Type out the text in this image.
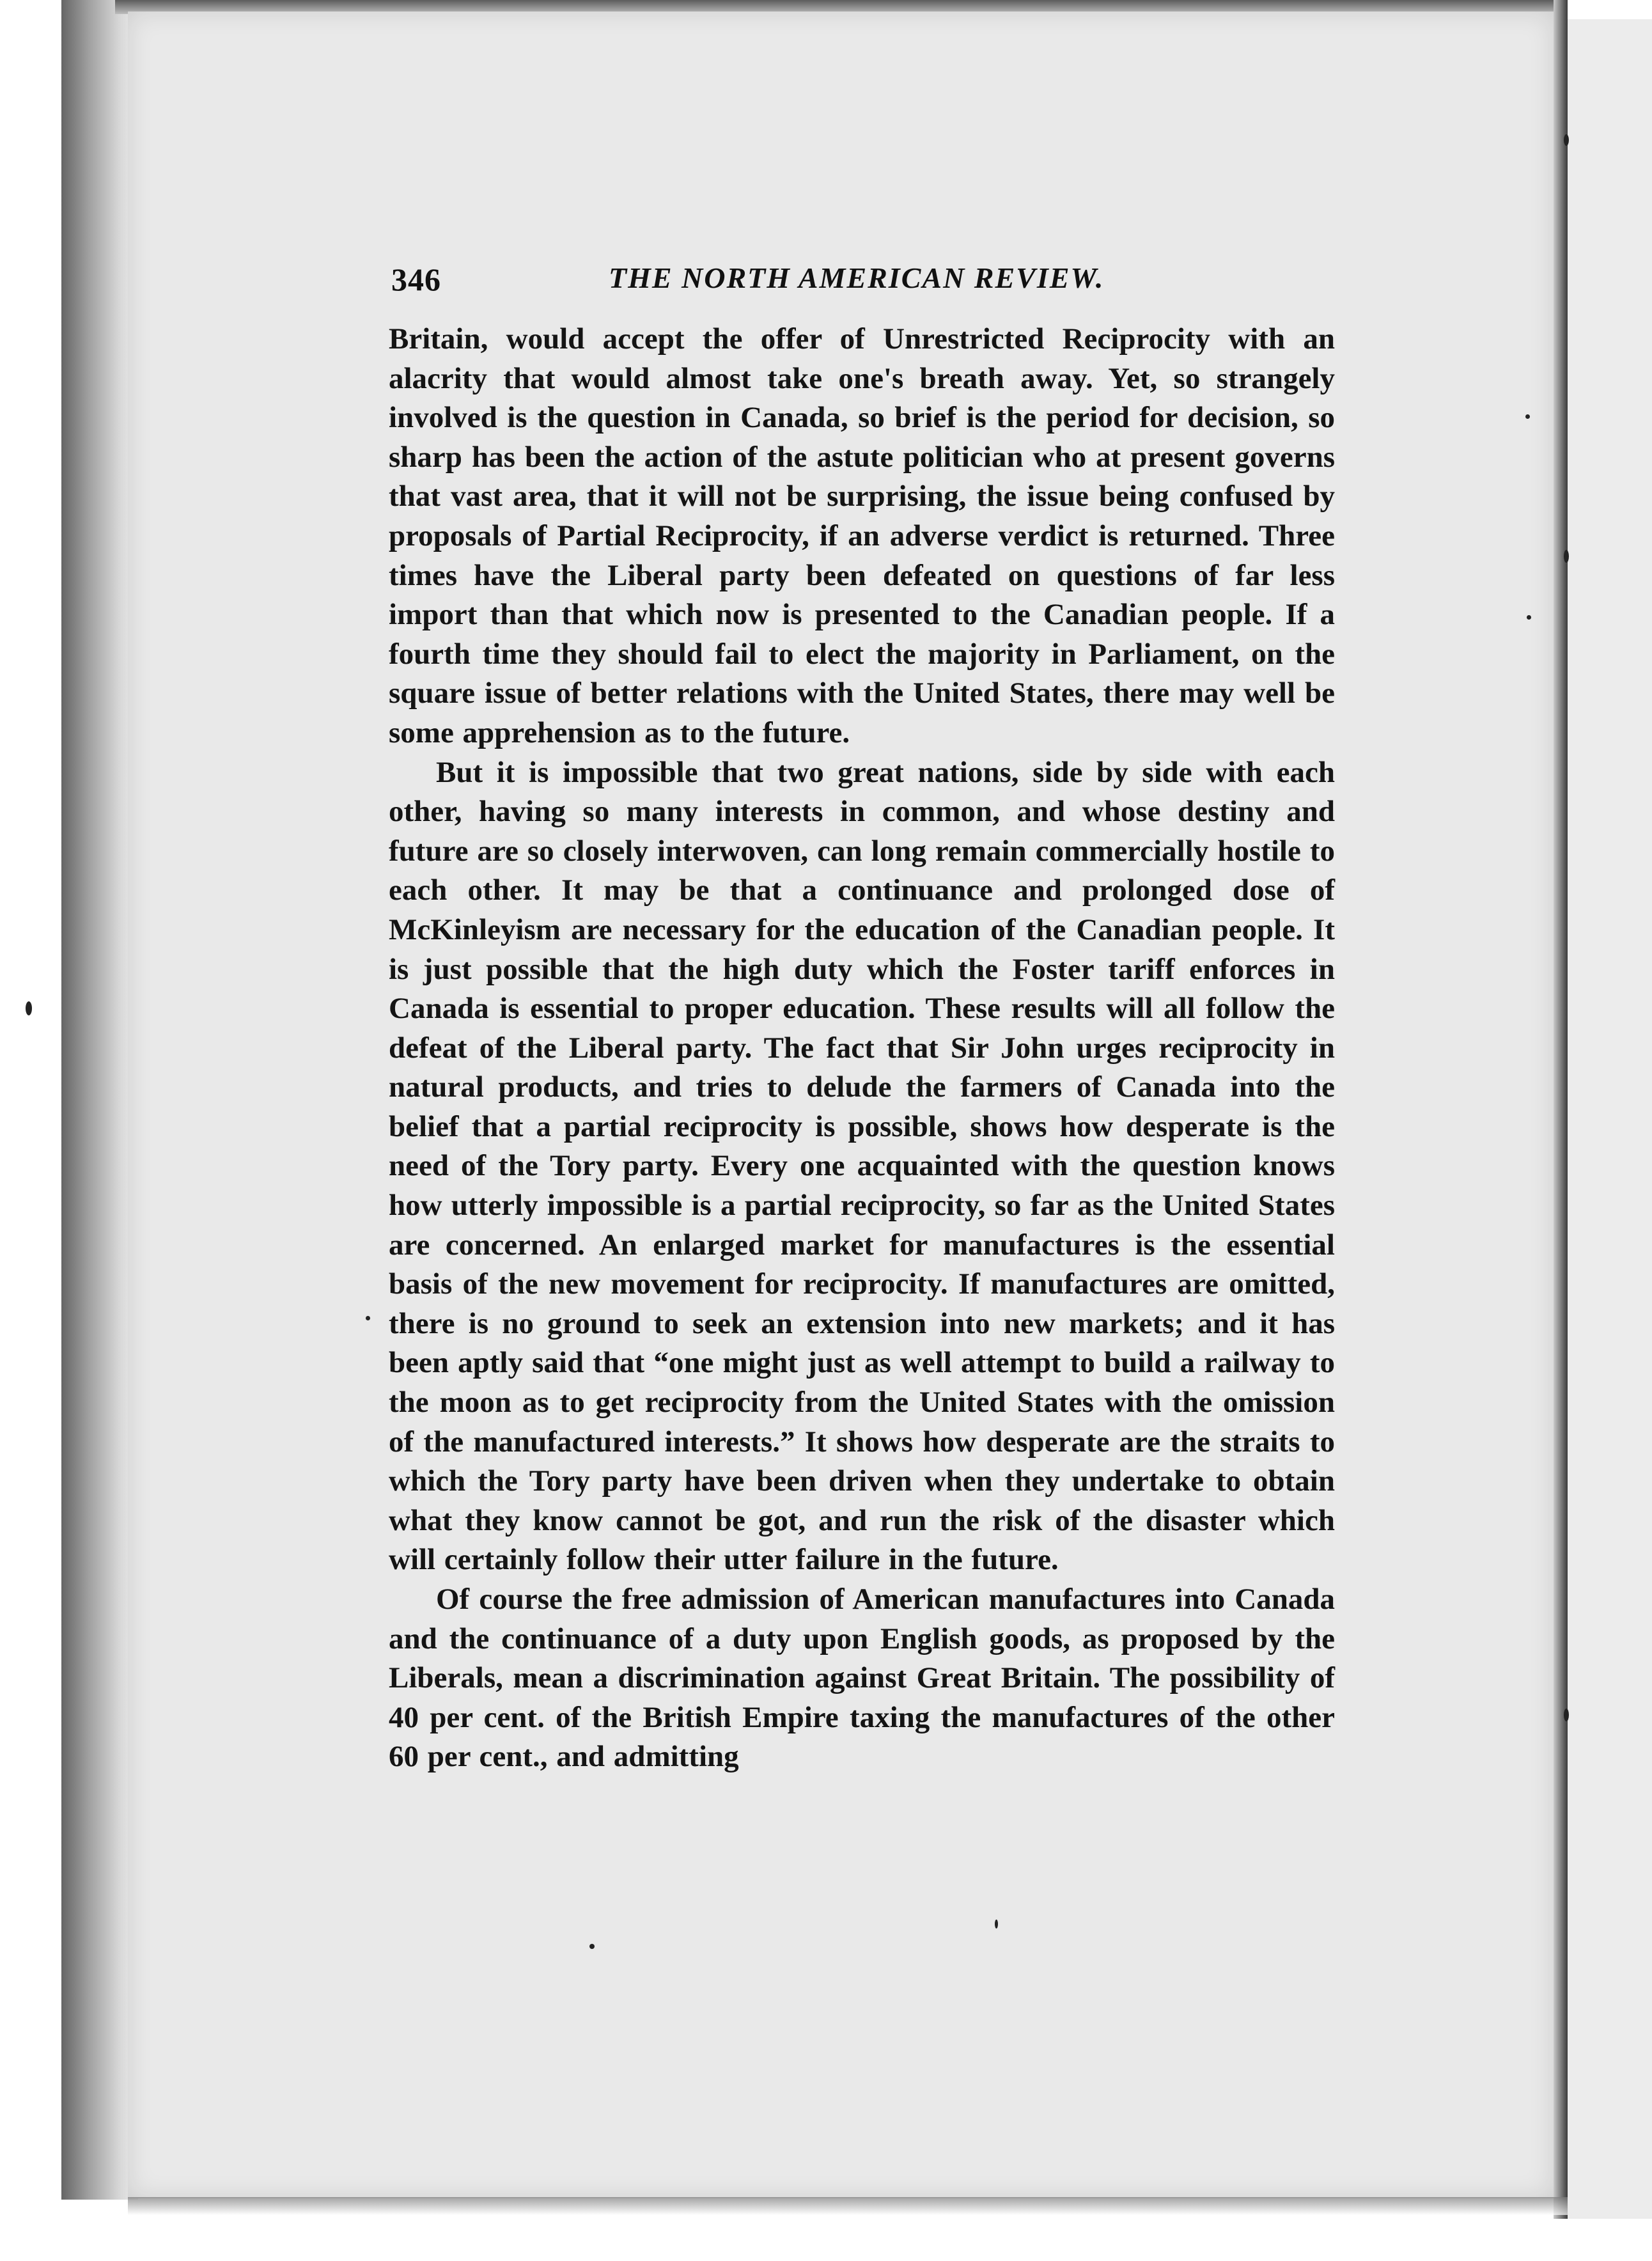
346	THE NORTH AMERICAN REVIEW.

Britain, would accept the offer of Unrestricted Reciprocity with an alacrity that would almost take one's breath away. Yet, so strangely involved is the question in Canada, so brief is the period for decision, so sharp has been the action of the astute politician who at present governs that vast area, that it will not be surprising, the issue being confused by proposals of Partial Reciprocity, if an adverse verdict is returned. Three times have the Liberal party been defeated on questions of far less import than that which now is presented to the Canadian people. If a fourth time they should fail to elect the majority in Parliament, on the square issue of better relations with the United States, there may well be some apprehension as to the future.

But it is impossible that two great nations, side by side with each other, having so many interests in common, and whose destiny and future are so closely interwoven, can long remain commercially hostile to each other. It may be that a continuance and prolonged dose of McKinleyism are necessary for the education of the Canadian people. It is just possible that the high duty which the Foster tariff enforces in Canada is essential to proper education. These results will all follow the defeat of the Liberal party. The fact that Sir John urges reciprocity in natural products, and tries to delude the farmers of Canada into the belief that a partial reciprocity is possible, shows how desperate is the need of the Tory party. Every one acquainted with the question knows how utterly impossible is a partial reciprocity, so far as the United States are concerned. An enlarged market for manufactures is the essential basis of the new movement for reciprocity. If manufactures are omitted, there is no ground to seek an extension into new markets; and it has been aptly said that “one might just as well attempt to build a railway to the moon as to get reciprocity from the United States with the omission of the manufactured interests.” It shows how desperate are the straits to which the Tory party have been driven when they undertake to obtain what they know cannot be got, and run the risk of the disaster which will certainly follow their utter failure in the future.

Of course the free admission of American manufactures into Canada and the continuance of a duty upon English goods, as proposed by the Liberals, mean a discrimination against Great Britain. The possibility of 40 per cent. of the British Empire taxing the manufactures of the other 60 per cent., and admitting
